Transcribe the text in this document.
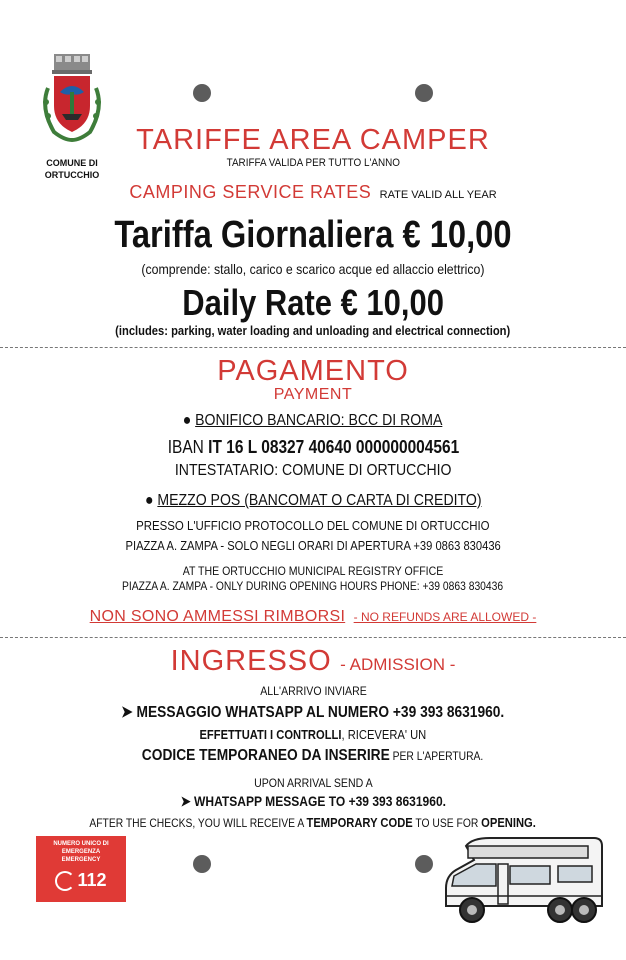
COMUNE DI
ORTUCCHIO
TARIFFE AREA CAMPER
TARIFFA VALIDA PER TUTTO L'ANNO
CAMPING SERVICE RATES RATE VALID ALL YEAR
Tariffa Giornaliera € 10,00
(comprende: stallo, carico e scarico acque ed allaccio elettrico)
Daily Rate € 10,00
(includes: parking, water loading and unloading and electrical connection)
PAGAMENTO
PAYMENT
● BONIFICO BANCARIO: BCC DI ROMA
IBAN IT 16 L 08327 40640 000000004561
INTESTATARIO: COMUNE DI ORTUCCHIO
● MEZZO POS (BANCOMAT O CARTA DI CREDITO)
PRESSO L'UFFICIO PROTOCOLLO DEL COMUNE DI ORTUCCHIO
PIAZZA A. ZAMPA - SOLO NEGLI ORARI DI APERTURA +39 0863 830436
AT THE ORTUCCHIO MUNICIPAL REGISTRY OFFICE
PIAZZA A. ZAMPA - ONLY DURING OPENING HOURS PHONE: +39 0863 830436
NON SONO AMMESSI RIMBORSI - NO REFUNDS ARE ALLOWED -
INGRESSO - ADMISSION -
ALL'ARRIVO INVIARE
➤ MESSAGGIO WHATSAPP AL NUMERO +39 393 8631960.
EFFETTUATI I CONTROLLI, RICEVERA' UN
CODICE TEMPORANEO DA INSERIRE PER L'APERTURA.
UPON ARRIVAL SEND A
➤ WHATSAPP MESSAGE TO +39 393 8631960.
AFTER THE CHECKS, YOU WILL RECEIVE A TEMPORARY CODE TO USE FOR OPENING.
NUMERO UNICO DI EMERGENZA
EMERGENCY
112
